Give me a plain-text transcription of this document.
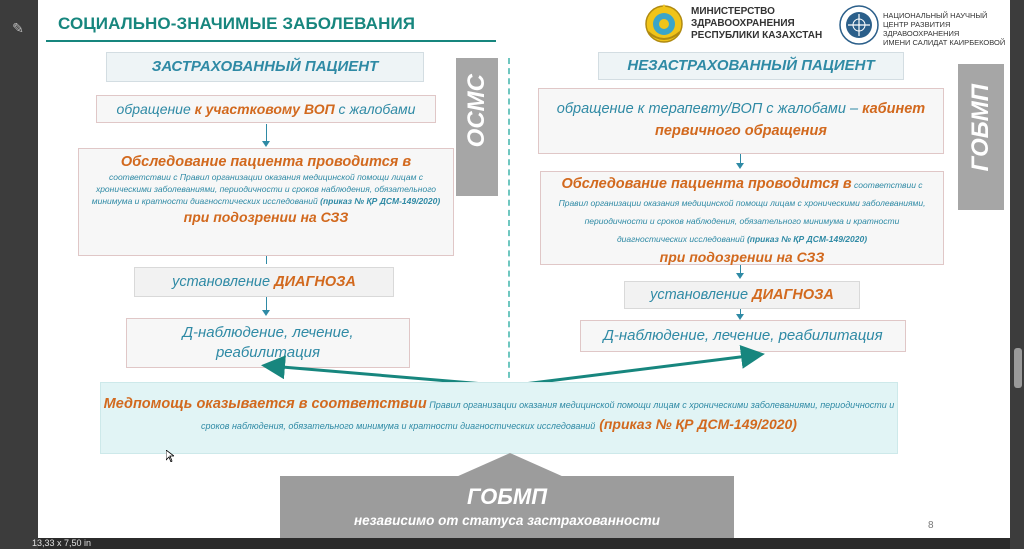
✎
13,33 x 7,50 in
СОЦИАЛЬНО-ЗНАЧИМЫЕ ЗАБОЛЕВАНИЯ
МИНИСТЕРСТВО
ЗДРАВООХРАНЕНИЯ
РЕСПУБЛИКИ КАЗАХСТАН
НАЦИОНАЛЬНЫЙ НАУЧНЫЙ
ЦЕНТР РАЗВИТИЯ ЗДРАВООХРАНЕНИЯ
ИМЕНИ САЛИДАТ КАИРБЕКОВОЙ
ЗАСТРАХОВАННЫЙ ПАЦИЕНТ
обращение к участковому ВОП с жалобами
Обследование пациента проводится в
соответствии с Правил организации оказания медицинской помощи лицам с хроническими заболеваниями, периодичности и сроков наблюдения, обязательного минимума и кратности диагностических исследований (приказ № ҚР ДСМ-149/2020)
при подозрении на СЗЗ
установление ДИАГНОЗА
Д-наблюдение, лечение, реабилитация
ОСМС
НЕЗАСТРАХОВАННЫЙ ПАЦИЕНТ
обращение к терапевту/ВОП с жалобами – кабинет первичного обращения
Обследование пациента проводится в соответствии с Правил организации оказания медицинской помощи лицам с хроническими заболеваниями, периодичности и сроков наблюдения, обязательного минимума и кратности диагностических исследований (приказ № ҚР ДСМ-149/2020)
при подозрении на СЗЗ
установление ДИАГНОЗА
Д-наблюдение, лечение, реабилитация
ГОБМП
Медпомощь оказывается в соответствии Правил организации оказания медицинской помощи лицам с хроническими заболеваниями, периодичности и сроков наблюдения, обязательного минимума и кратности диагностических исследований (приказ № ҚР ДСМ-149/2020)
ГОБМП
независимо от статуса застрахованности	8
